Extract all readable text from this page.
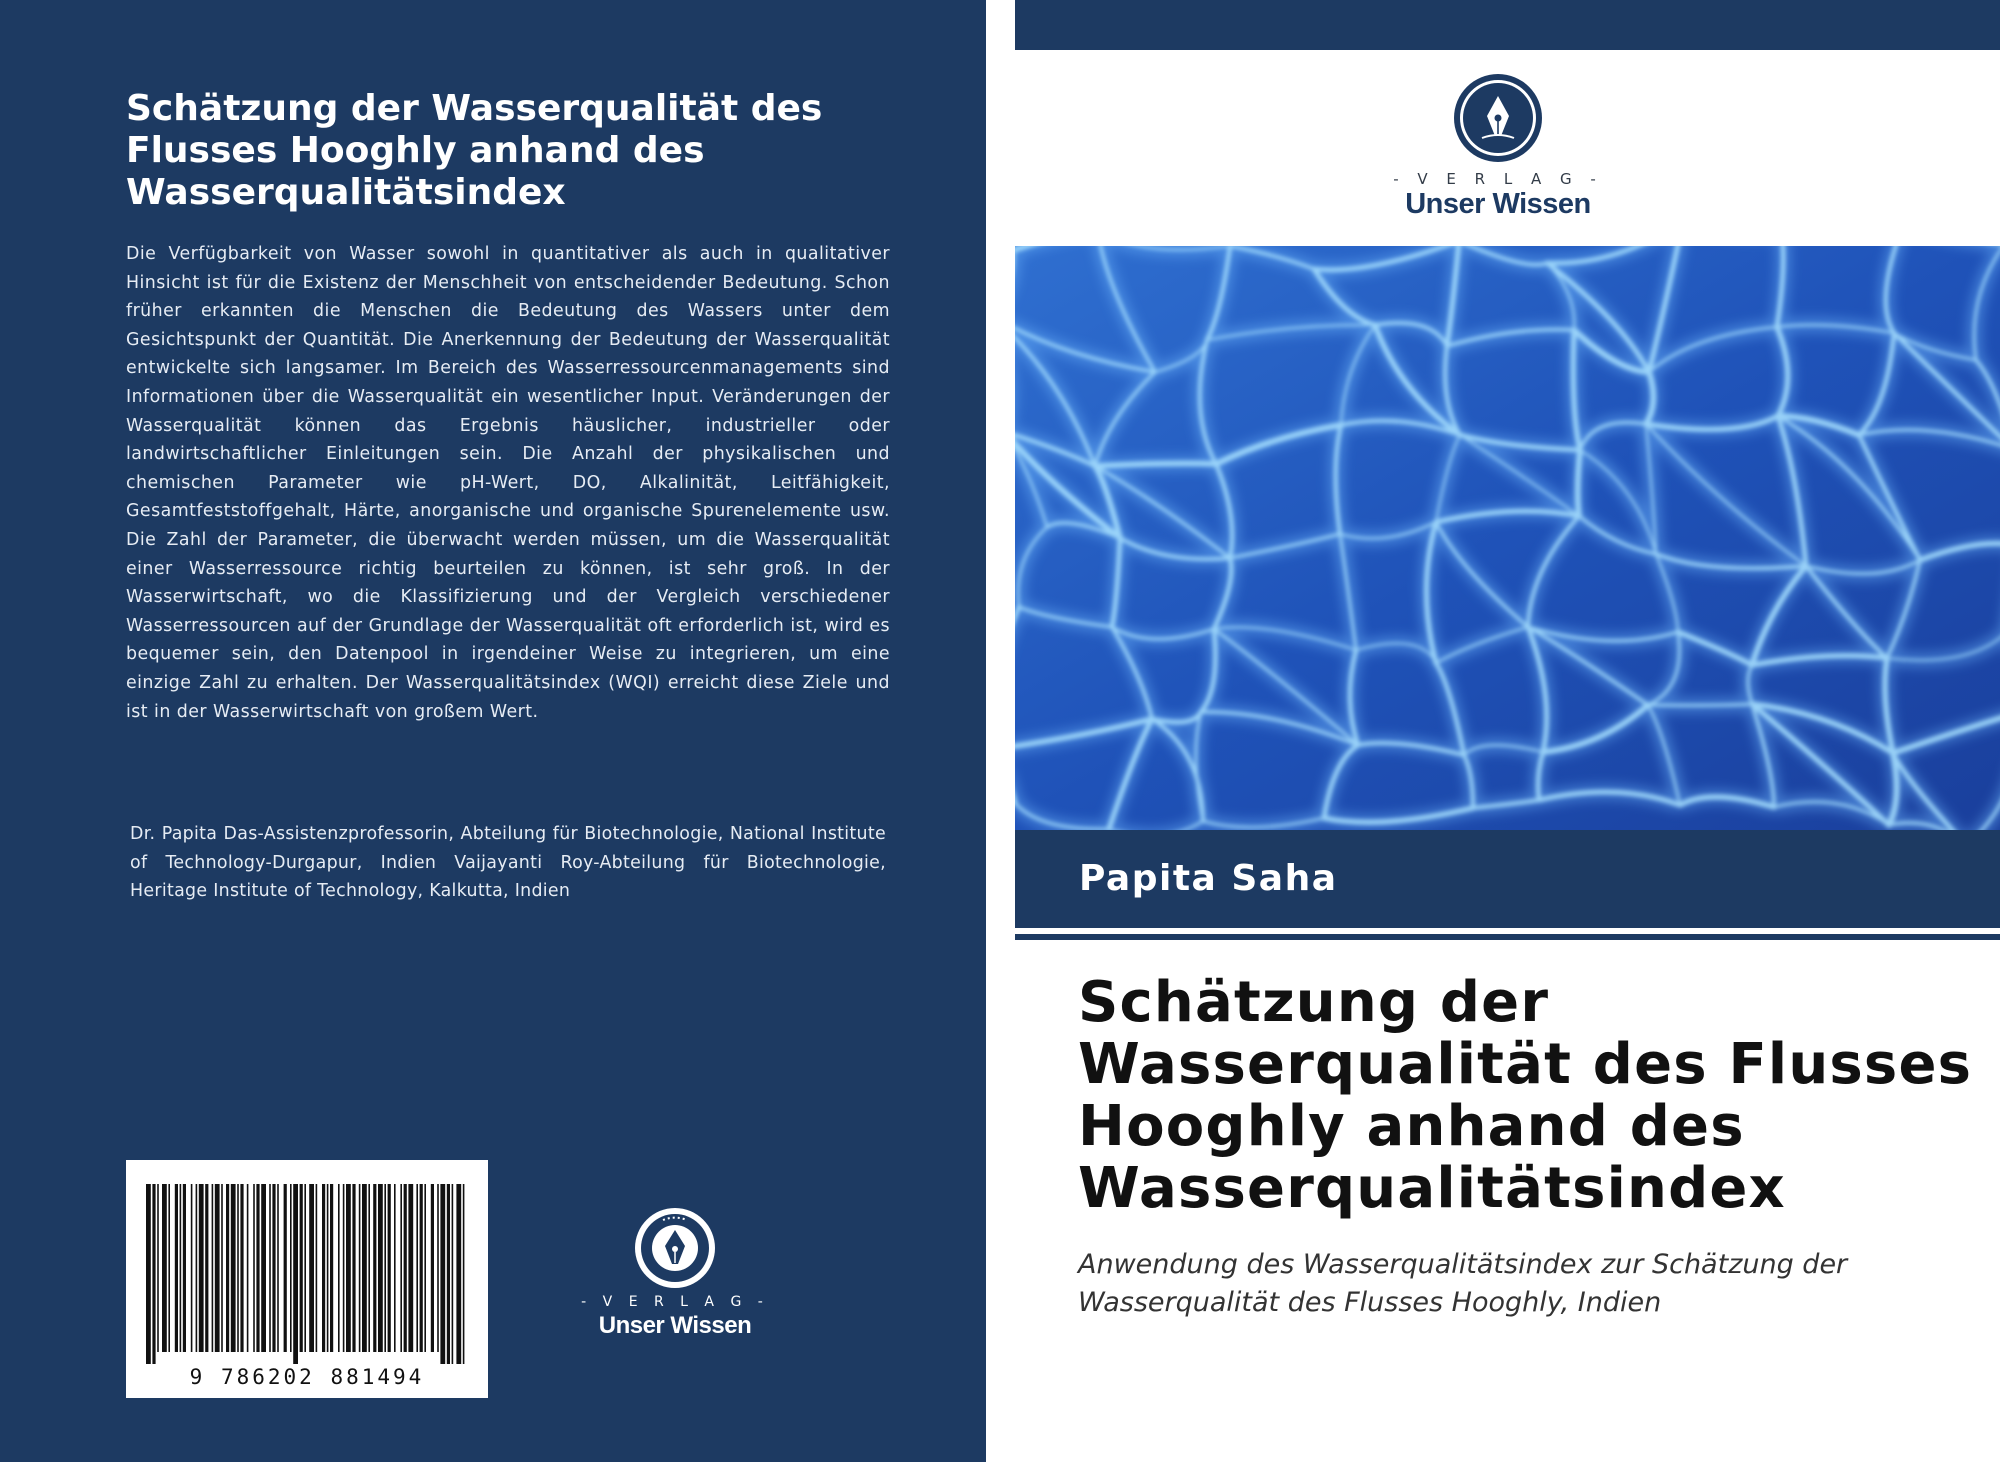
Schätzung der Wasserqualität des Flusses Hooghly anhand des Wasserqualitätsindex
Die Verfügbarkeit von Wasser sowohl in quantitativer als auch in qualitativer Hinsicht ist für die Existenz der Menschheit von entscheidender Bedeutung. Schon früher erkannten die Menschen die Bedeutung des Wassers unter dem Gesichtspunkt der Quantität. Die Anerkennung der Bedeutung der Wasserqualität entwickelte sich langsamer. Im Bereich des Wasserressourcenmanagements sind Informationen über die Wasserqualität ein wesentlicher Input. Veränderungen der Wasserqualität können das Ergebnis häuslicher, industrieller oder landwirtschaftlicher Einleitungen sein. Die Anzahl der physikalischen und chemischen Parameter wie pH-Wert, DO, Alkalinität, Leitfähigkeit, Gesamtfeststoffgehalt, Härte, anorganische und organische Spurenelemente usw. Die Zahl der Parameter, die überwacht werden müssen, um die Wasserqualität einer Wasserressource richtig beurteilen zu können, ist sehr groß. In der Wasserwirtschaft, wo die Klassifizierung und der Vergleich verschiedener Wasserressourcen auf der Grundlage der Wasserqualität oft erforderlich ist, wird es bequemer sein, den Datenpool in irgendeiner Weise zu integrieren, um eine einzige Zahl zu erhalten. Der Wasserqualitätsindex (WQI) erreicht diese Ziele und ist in der Wasserwirtschaft von großem Wert.
Dr. Papita Das-Assistenzprofessorin, Abteilung für Biotechnologie, National Institute of Technology-Durgapur, Indien Vaijayanti Roy-Abteilung für Biotechnologie, Heritage Institute of Technology, Kalkutta, Indien
9 786202 881494
- V E R L A G -
Unser Wissen
- V E R L A G -
Unser Wissen
Papita Saha
Schätzung der Wasserqualität des Flusses Hooghly anhand des Wasserqualitätsindex
Anwendung des Wasserqualitätsindex zur Schätzung der Wasserqualität des Flusses Hooghly, Indien
